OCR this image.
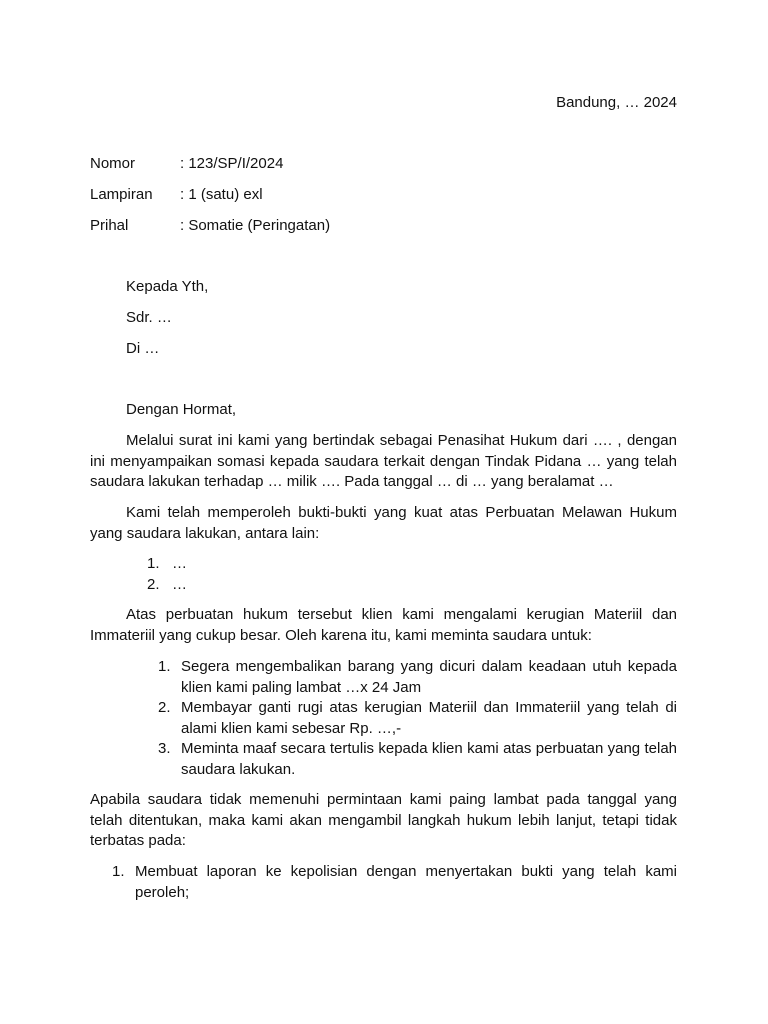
Bandung, … 2024
Nomor	: 123/SP/I/2024
Lampiran : 1 (satu) exl
Prihal	: Somatie (Peringatan)
Kepada Yth,
Sdr. …
Di …
Dengan Hormat,
Melalui surat ini kami yang bertindak sebagai Penasihat Hukum dari …. , dengan ini menyampaikan somasi kepada saudara terkait dengan Tindak Pidana … yang telah saudara lakukan terhadap … milik …. Pada tanggal … di … yang beralamat …
Kami telah memperoleh bukti-bukti yang kuat atas Perbuatan Melawan Hukum yang saudara lakukan, antara lain:
1. …
2. …
Atas perbuatan hukum tersebut klien kami mengalami kerugian Materiil dan Immateriil yang cukup besar. Oleh karena itu, kami meminta saudara untuk:
1. Segera mengembalikan barang yang dicuri dalam keadaan utuh kepada klien kami paling lambat …x 24 Jam
2. Membayar ganti rugi atas kerugian Materiil dan Immateriil yang telah di alami klien kami sebesar Rp. …,-
3. Meminta maaf secara tertulis kepada klien kami atas perbuatan yang telah saudara lakukan.
Apabila saudara tidak memenuhi permintaan kami paing lambat pada tanggal yang telah ditentukan, maka kami akan mengambil langkah hukum lebih lanjut, tetapi tidak terbatas pada:
1. Membuat laporan ke kepolisian dengan menyertakan bukti yang telah kami peroleh;
